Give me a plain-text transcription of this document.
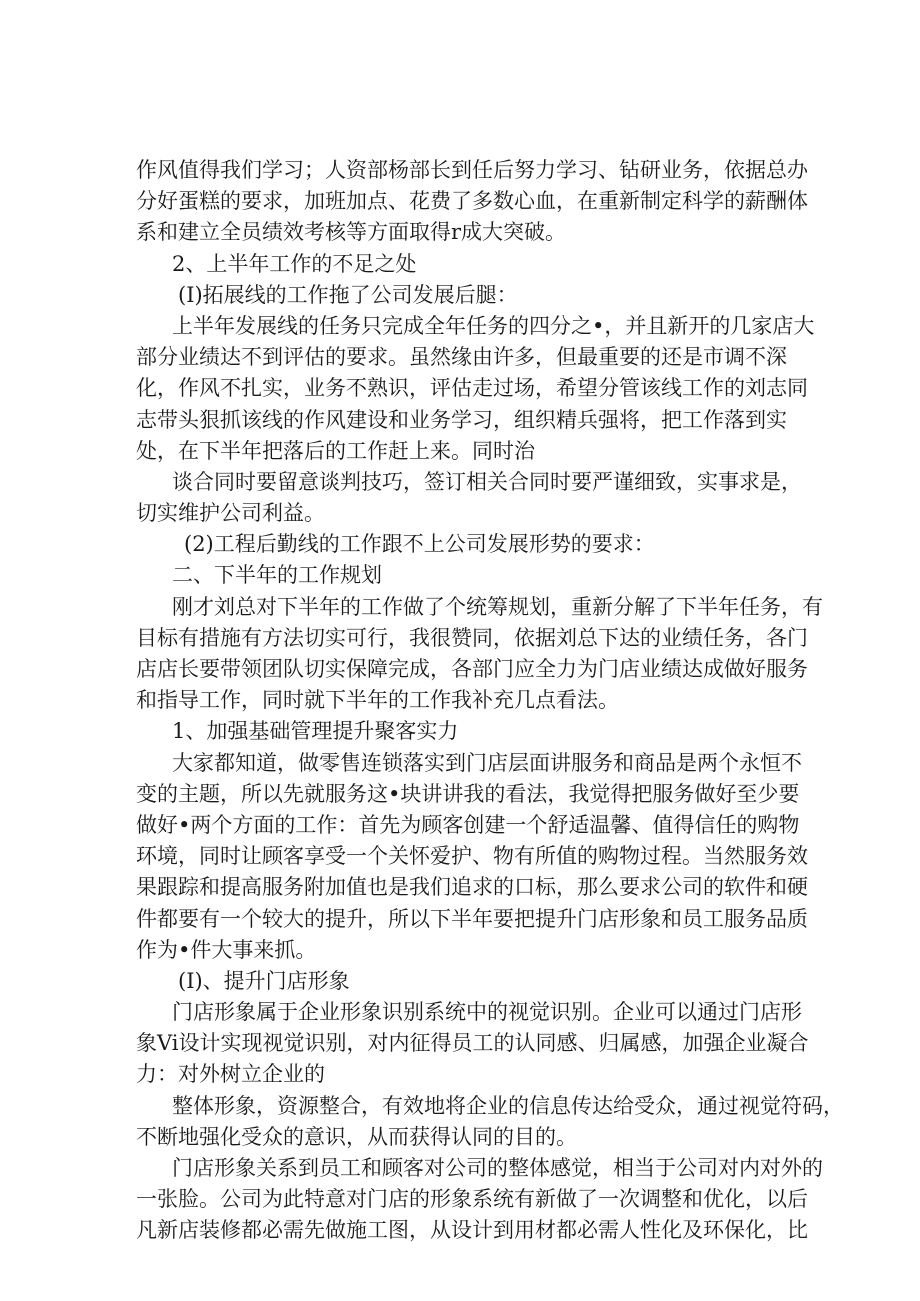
作风值得我们学习；人资部杨部长到任后努力学习、钻研业务，依据总办
分好蛋糕的要求，加班加点、花费了多数心血，在重新制定科学的薪酬体
系和建立全员绩效考核等方面取得r成大突破。
2、上半年工作的不足之处
(I)拓展线的工作拖了公司发展后腿：
上半年发展线的任务只完成全年任务的四分之•，并且新开的几家店大
部分业绩达不到评估的要求。虽然缘由许多，但最重要的还是市调不深
化，作风不扎实，业务不熟识，评估走过场，希望分管该线工作的刘志同
志带头狠抓该线的作风建设和业务学习，组织精兵强将，把工作落到实
处，在下半年把落后的工作赶上来。同时治
谈合同时要留意谈判技巧，签订相关合同时要严谨细致，实事求是，
切实维护公司利益。
(2)工程后勤线的工作跟不上公司发展形势的要求：
二、下半年的工作规划
刚才刘总对下半年的工作做了个统筹规划，重新分解了下半年任务，有
目标有措施有方法切实可行，我很赞同，依据刘总下达的业绩任务，各门
店店长要带领团队切实保障完成，各部门应全力为门店业绩达成做好服务
和指导工作，同时就下半年的工作我补充几点看法。
1、加强基础管理提升聚客实力
大家都知道，做零售连锁落实到门店层面讲服务和商品是两个永恒不
变的主题，所以先就服务这•块讲讲我的看法，我觉得把服务做好至少要
做好•两个方面的工作：首先为顾客创建一个舒适温馨、值得信任的购物
环境，同时让顾客享受一个关怀爱护、物有所值的购物过程。当然服务效
果跟踪和提高服务附加值也是我们追求的口标，那么要求公司的软件和硬
件都要有一个较大的提升，所以下半年要把提升门店形象和员工服务品质
作为•件大事来抓。
(I)、提升门店形象
门店形象属于企业形象识别系统中的视觉识别。企业可以通过门店形
象Vi设计实现视觉识别，对内征得员工的认同感、归属感，加强企业凝合
力：对外树立企业的
整体形象，资源整合，有效地将企业的信息传达给受众，通过视觉符码，
不断地强化受众的意识，从而获得认同的目的。
门店形象关系到员工和顾客对公司的整体感觉，相当于公司对内对外的
一张脸。公司为此特意对门店的形象系统有新做了一次调整和优化，以后
凡新店装修都必需先做施工图，从设计到用材都必需人性化及环保化，比
